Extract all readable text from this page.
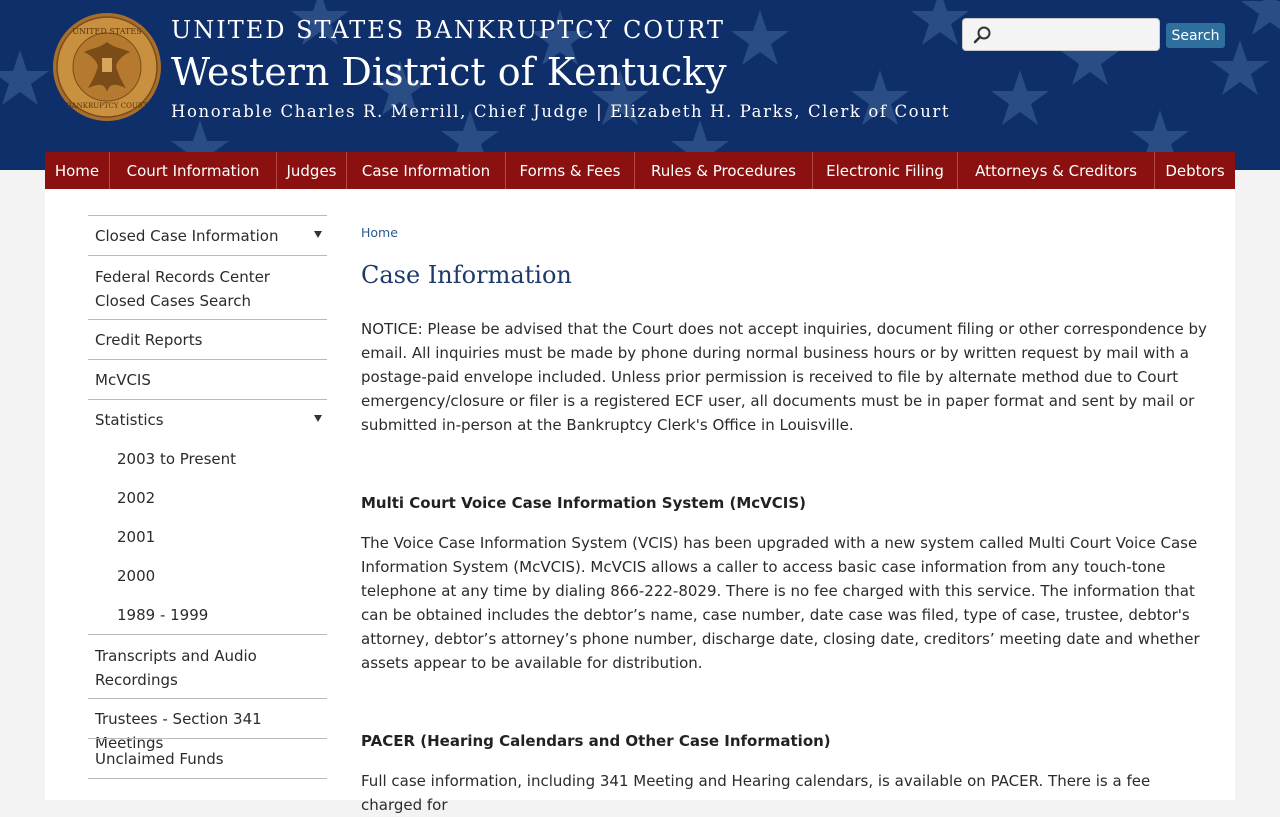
UNITED STATES
BANKRUPTCY COURT
UNITED STATES BANKRUPTCY COURT
Western District of Kentucky
Honorable Charles R. Merrill, Chief Judge | Elizabeth H. Parks, Clerk of Court
Search
Home	Court Information	Judges	Case Information	Forms & Fees	Rules & Procedures	Electronic Filing	Attorneys & Creditors	Debtors
Closed Case Information
Federal Records Center Closed Cases Search
Credit Reports
McVCIS
Statistics
2003 to Present
2002
2001
2000
1989 - 1999
Transcripts and Audio Recordings
Trustees - Section 341 Meetings
Unclaimed Funds
Home
Case Information

NOTICE: Please be advised that the Court does not accept inquiries, document filing or other correspondence by email. All inquiries must be made by phone during normal business hours or by written request by mail with a postage-paid envelope included. Unless prior permission is received to file by alternate method due to Court emergency/closure or filer is a registered ECF user, all documents must be in paper format and sent by mail or submitted in-person at the Bankruptcy Clerk's Office in Louisville.

Multi Court Voice Case Information System (McVCIS)

The Voice Case Information System (VCIS) has been upgraded with a new system called Multi Court Voice Case Information System (McVCIS). McVCIS allows a caller to access basic case information from any touch-tone telephone at any time by dialing 866-222-8029. There is no fee charged with this service. The information that can be obtained includes the debtor’s name, case number, date case was filed, type of case, trustee, debtor's attorney, debtor’s attorney’s phone number, discharge date, closing date, creditors’ meeting date and whether assets appear to be available for distribution.

PACER (Hearing Calendars and Other Case Information)

Full case information, including 341 Meeting and Hearing calendars, is available on PACER. There is a fee charged for
